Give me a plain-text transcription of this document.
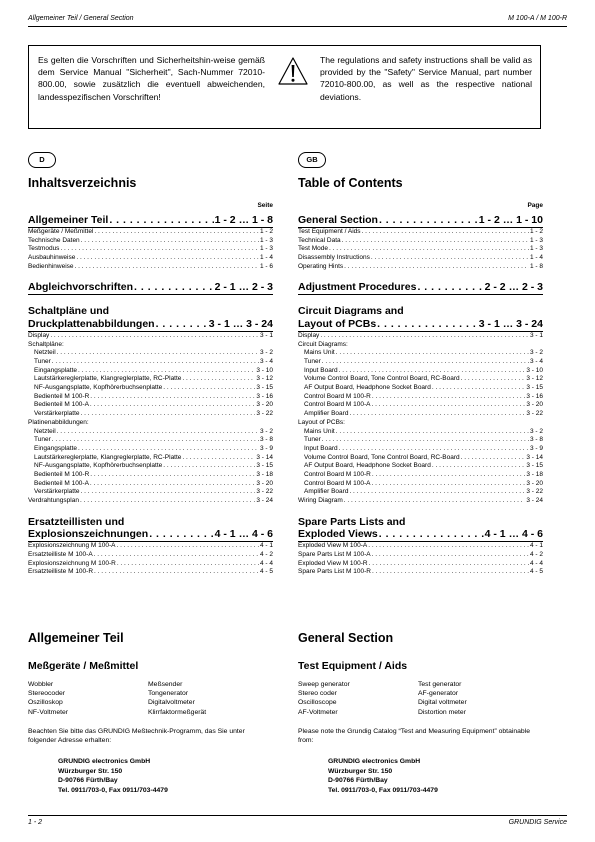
Allgemeiner Teil / General Section	M 100-A / M 100-R
Es gelten die Vorschriften und Sicherheitshin-weise gemäß dem Service Manual "Sicherheit", Sach-Nummer 72010-800.00, sowie zusätzlich die eventuell abweichenden, landesspezifischen Vorschriften!
The regulations and safety instructions shall be valid as provided by the "Safety" Service Manual, part number 72010-800.00, as well as the respective national deviations.
D	GB
Inhaltsverzeichnis
Seite
Allgemeiner Teil . . .	1 - 2 … 1 - 8
Meßgeräte / Meßmittel . . .	1 - 2
Technische Daten . . .	1 - 3
Testmodus . . .	1 - 3
Ausbauhinweise . . .	1 - 4
Bedienhinweise . . .	1 - 6
Abgleichvorschriften . . .	2 - 1 … 2 - 3
Schaltpläne und
Druckplattenabbildungen . . .	3 - 1 … 3 - 24
Display . . .	3 - 1
Schaltpläne:
Netzteil . . .	3 - 2
Tuner . . .	3 - 4
Eingangsplatte . . .	3 - 10
Lautstärkereglerplatte, Klangreglerplatte, RC-Platte . . .	3 - 12
NF-Ausgangsplatte, Kopfhörerbuchsenplatte . . .	3 - 15
Bedienteil M 100-R . . .	3 - 16
Bedienteil M 100-A . . .	3 - 20
Verstärkerplatte . . .	3 - 22
Platinenabbildungen:
Netzteil . . .	3 - 2
Tuner . . .	3 - 8
Eingangsplatte . . .	3 - 9
Lautstärkereglerplatte, Klangreglerplatte, RC-Platte . . .	3 - 14
NF-Ausgangsplatte, Kopfhörerbuchsenplatte . . .	3 - 15
Bedienteil M 100-R . . .	3 - 18
Bedienteil M 100-A . . .	3 - 20
Verstärkerplatte . . .	3 - 22
Verdrahtungsplan . . .	3 - 24
Ersatzteillisten und
Explosionszeichnungen . . .	4 - 1 … 4 - 6
Explosionszeichnung M 100-A . . .	4 - 1
Ersatzteilliste M 100-A . . .	4 - 2
Explosionszeichnung M 100-R . . .	4 - 4
Ersatzteilliste M 100-R . . .	4 - 5
Table of Contents
Page
General Section . . .	1 - 2 … 1 - 10
Test Equipment / Aids . . .	1 - 2
Technical Data . . .	1 - 3
Test Mode . . .	1 - 3
Disassembly Instructions . . .	1 - 4
Operating Hints . . .	1 - 8
Adjustment Procedures . . .	2 - 2 … 2 - 3
Circuit Diagrams and
Layout of PCBs . . .	3 - 1 … 3 - 24
Display . . .	3 - 1
Circuit Diagrams:
Mains Unit . . .	3 - 2
Tuner . . .	3 - 4
Input Board . . .	3 - 10
Volume Control Board, Tone Control Board, RC-Board . . .	3 - 12
AF Output Board, Headphone Socket Board . . .	3 - 15
Control Board M 100-R . . .	3 - 16
Control Board M 100-A . . .	3 - 20
Amplifier Board . . .	3 - 22
Layout of PCBs:
Mains Unit . . .	3 - 2
Tuner . . .	3 - 8
Input Board . . .	3 - 9
Volume Control Board, Tone Control Board, RC-Board . . .	3 - 14
AF Output Board, Headphone Socket Board . . .	3 - 15
Control Board M 100-R . . .	3 - 18
Control Board M 100-A . . .	3 - 20
Amplifier Board . . .	3 - 22
Wiring Diagram . . .	3 - 24
Spare Parts Lists and
Exploded Views . . .	4 - 1 … 4 - 6
Exploded View M 100-A . . .	4 - 1
Spare Parts List M 100-A . . .	4 - 2
Exploded View M 100-R . . .	4 - 4
Spare Parts List M 100-R . . .	4 - 5
Allgemeiner Teil
Meßgeräte / Meßmittel
Wobbler	Meßsender
Stereocoder	Tongenerator
Oszilloskop	Digitalvoltmeter
NF-Voltmeter	Klirrfaktormeßgerät

Beachten Sie bitte das GRUNDIG Meßtechnik-Programm, das Sie unter folgender Adresse erhalten:

GRUNDIG electronics GmbH
Würzburger Str. 150
D-90766 Fürth/Bay
Tel. 0911/703-0, Fax 0911/703-4479
General Section
Test Equipment / Aids
Sweep generator	Test generator
Stereo coder	AF-generator
Oscilloscope	Digital voltmeter
AF-Voltmeter	Distortion meter

Please note the Grundig Catalog “Test and Measuring Equipment” obtainable from:

GRUNDIG electronics GmbH
Würzburger Str. 150
D-90766 Fürth/Bay
Tel. 0911/703-0, Fax 0911/703-4479
1 - 2	GRUNDIG Service
